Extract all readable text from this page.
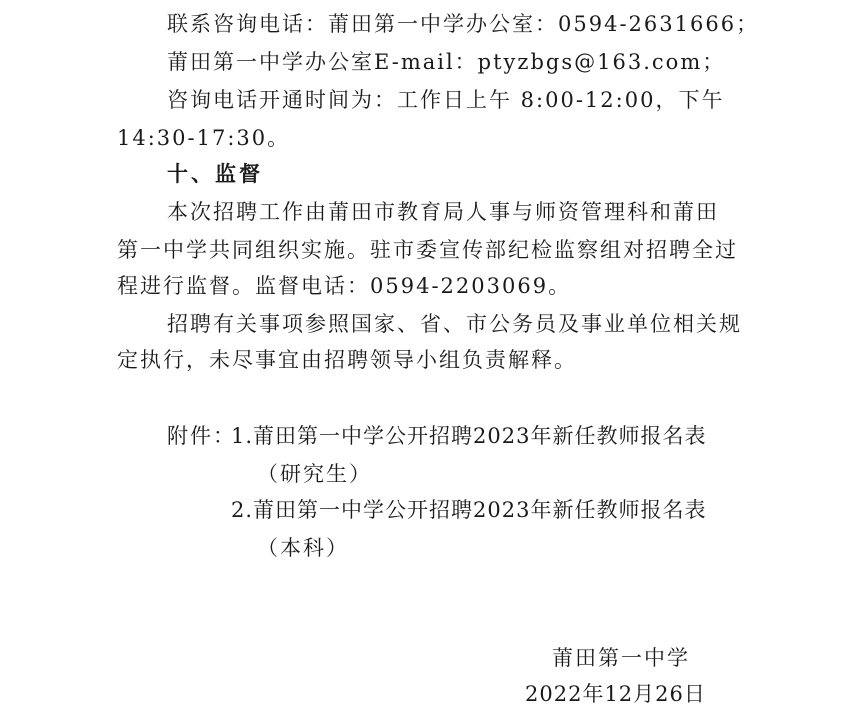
联系咨询电话：莆田第一中学办公室：0594-2631666；
莆田第一中学办公室E-mail：ptyzbgs@163.com；
咨询电话开通时间为：工作日上午 8:00-12:00，下午
14:30-17:30。
十、监督
本次招聘工作由莆田市教育局人事与师资管理科和莆田
第一中学共同组织实施。驻市委宣传部纪检监察组对招聘全过
程进行监督。监督电话：0594-2203069。
招聘有关事项参照国家、省、市公务员及事业单位相关规
定执行，未尽事宜由招聘领导小组负责解释。
附件：
1.莆田第一中学公开招聘2023年新任教师报名表
（研究生）
2.莆田第一中学公开招聘2023年新任教师报名表
（本科）
莆田第一中学
2022年12月26日
